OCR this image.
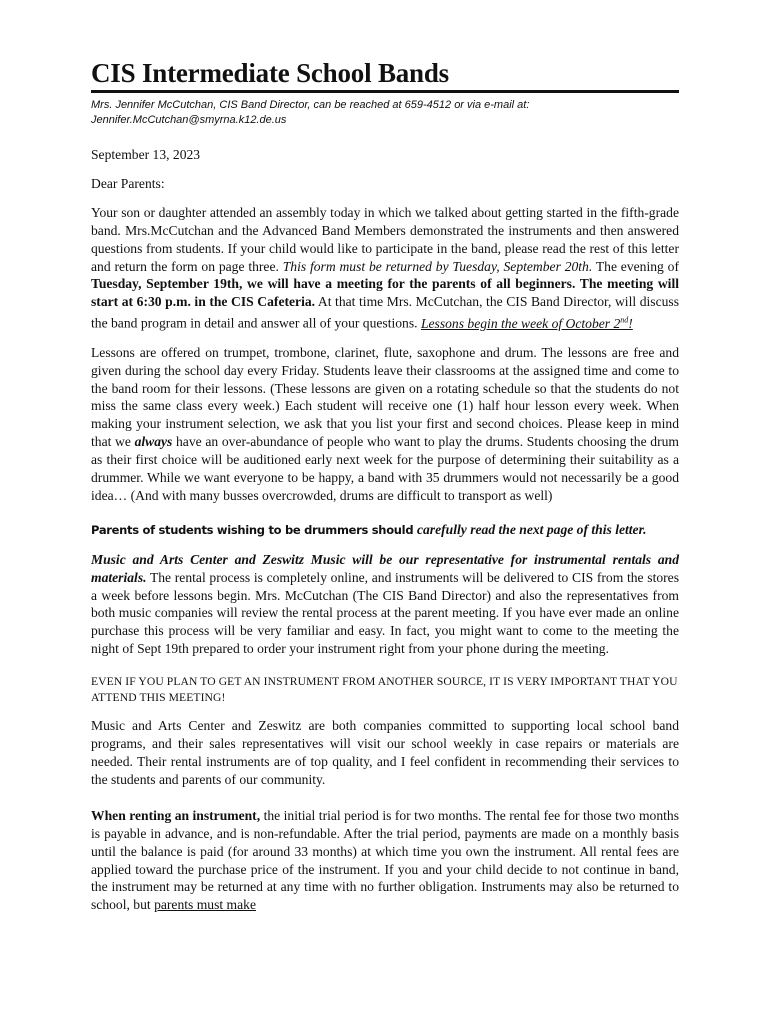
CIS Intermediate School Bands

Mrs. Jennifer McCutchan, CIS Band Director, can be reached at 659-4512 or via e-mail at:
Jennifer.McCutchan@smyrna.k12.de.us

September 13, 2023

Dear Parents:

Your son or daughter attended an assembly today in which we talked about getting started in the fifth-grade band. Mrs.McCutchan and the Advanced Band Members demonstrated the instruments and then answered questions from students. If your child would like to participate in the band, please read the rest of this letter and return the form on page three. This form must be returned by Tuesday, September 20th. The evening of Tuesday, September 19th, we will have a meeting for the parents of all beginners. The meeting will start at 6:30 p.m. in the CIS Cafeteria. At that time Mrs. McCutchan, the CIS Band Director, will discuss the band program in detail and answer all of your questions. Lessons begin the week of October 2nd!

Lessons are offered on trumpet, trombone, clarinet, flute, saxophone and drum. The lessons are free and given during the school day every Friday. Students leave their classrooms at the assigned time and come to the band room for their lessons. (These lessons are given on a rotating schedule so that the students do not miss the same class every week.) Each student will receive one (1) half hour lesson every week. When making your instrument selection, we ask that you list your first and second choices. Please keep in mind that we always have an over-abundance of people who want to play the drums. Students choosing the drum as their first choice will be auditioned early next week for the purpose of determining their suitability as a drummer. While we want everyone to be happy, a band with 35 drummers would not necessarily be a good idea… (And with many busses overcrowded, drums are difficult to transport as well)

Parents of students wishing to be drummers should carefully read the next page of this letter.

Music and Arts Center and Zeswitz Music will be our representative for instrumental rentals and materials. The rental process is completely online, and instruments will be delivered to CIS from the stores a week before lessons begin. Mrs. McCutchan (The CIS Band Director) and also the representatives from both music companies will review the rental process at the parent meeting. If you have ever made an online purchase this process will be very familiar and easy. In fact, you might want to come to the meeting the night of Sept 19th prepared to order your instrument right from your phone during the meeting.

EVEN IF YOU PLAN TO GET AN INSTRUMENT FROM ANOTHER SOURCE, IT IS VERY IMPORTANT THAT YOU ATTEND THIS MEETING!

Music and Arts Center and Zeswitz are both companies committed to supporting local school band programs, and their sales representatives will visit our school weekly in case repairs or materials are needed. Their rental instruments are of top quality, and I feel confident in recommending their services to the students and parents of our community.

When renting an instrument, the initial trial period is for two months. The rental fee for those two months is payable in advance, and is non-refundable. After the trial period, payments are made on a monthly basis until the balance is paid (for around 33 months) at which time you own the instrument. All rental fees are applied toward the purchase price of the instrument. If you and your child decide to not continue in band, the instrument may be returned at any time with no further obligation. Instruments may also be returned to school, but parents must make
